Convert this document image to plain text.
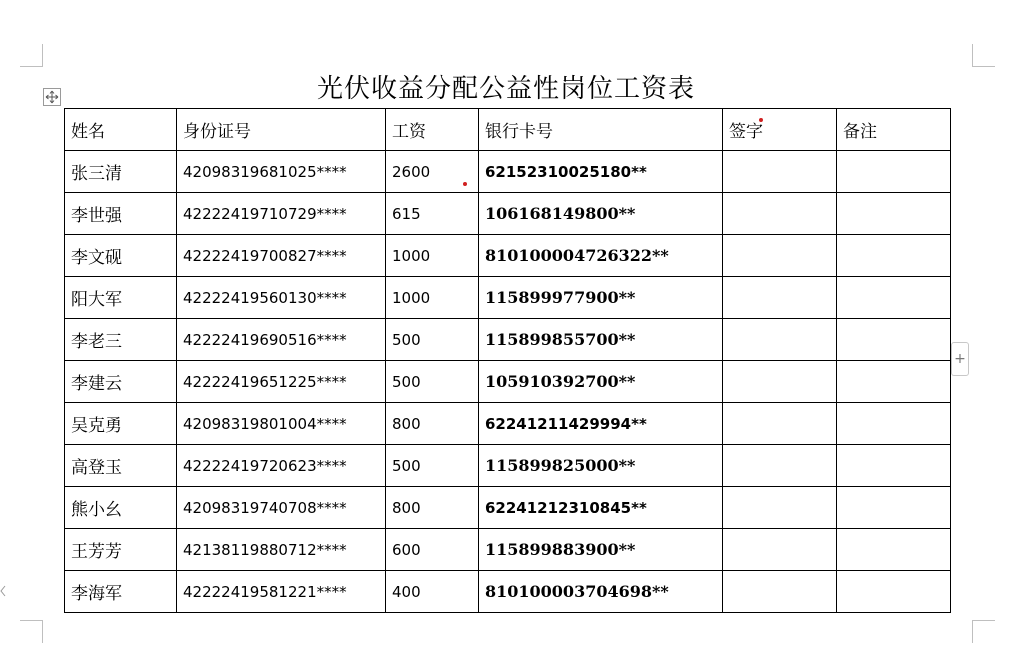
+
光伏收益分配公益性岗位工资表
姓名	身份证号	工资	银行卡号	签字	备注
张三清	42098319681025****	2600	62152310025180**		
李世强	42222419710729****	615	106168149800**		
李文砚	42222419700827****	1000	810100004726322**		
阳大军	42222419560130****	1000	115899977900**		
李老三	42222419690516****	500	115899855700**		
李建云	42222419651225****	500	105910392700**		
吴克勇	42098319801004****	800	62241211429994**		
高登玉	42222419720623****	500	115899825000**		
熊小幺	42098319740708****	800	62241212310845**		
王芳芳	42138119880712****	600	115899883900**		
李海军	42222419581221****	400	810100003704698**		
